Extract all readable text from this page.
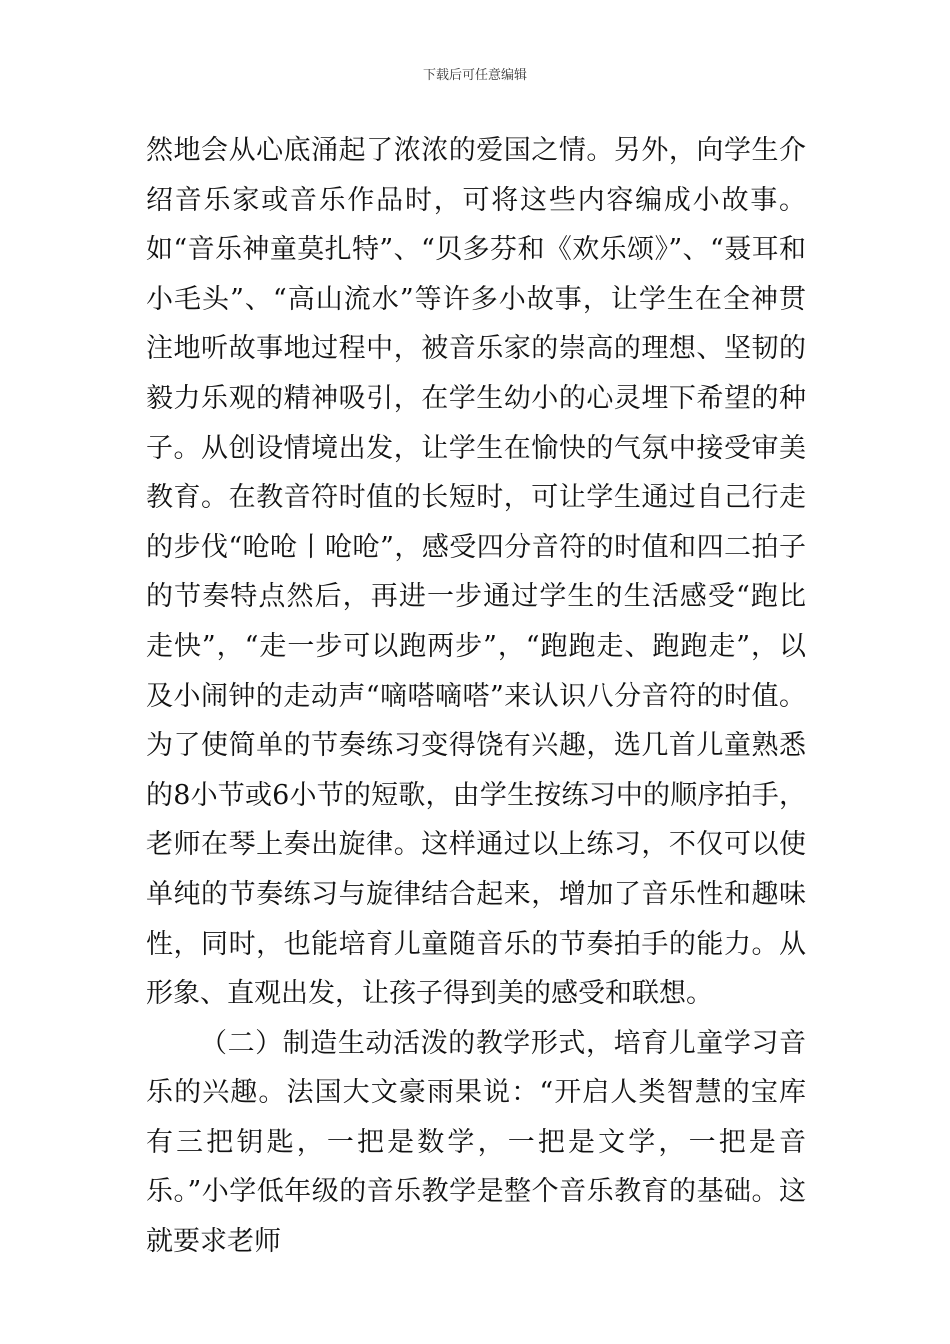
下载后可任意编辑

然地会从心底涌起了浓浓的爱国之情。另外，向学生介绍音乐家或音乐作品时，可将这些内容编成小故事。如“音乐神童莫扎特”、“贝多芬和《欢乐颂》”、“聂耳和小毛头”、“高山流水”等许多小故事，让学生在全神贯注地听故事地过程中，被音乐家的崇高的理想、坚韧的毅力乐观的精神吸引，在学生幼小的心灵埋下希望的种子。从创设情境出发，让学生在愉快的气氛中接受审美教育。在教音符时值的长短时，可让学生通过自己行走的步伐“呛呛丨呛呛”，感受四分音符的时值和四二拍子的节奏特点然后，再进一步通过学生的生活感受“跑比走快”，“走一步可以跑两步”，“跑跑走、跑跑走”，以及小闹钟的走动声“嘀嗒嘀嗒”来认识八分音符的时值。为了使简单的节奏练习变得饶有兴趣，选几首儿童熟悉的8小节或6小节的短歌，由学生按练习中的顺序拍手，老师在琴上奏出旋律。这样通过以上练习，不仅可以使单纯的节奏练习与旋律结合起来，增加了音乐性和趣味性，同时，也能培育儿童随音乐的节奏拍手的能力。从形象、直观出发，让孩子得到美的感受和联想。

（二）制造生动活泼的教学形式，培育儿童学习音乐的兴趣。法国大文豪雨果说：“开启人类智慧的宝库有三把钥匙，一把是数学，一把是文学，一把是音乐。”小学低年级的音乐教学是整个音乐教育的基础。这就要求老师
